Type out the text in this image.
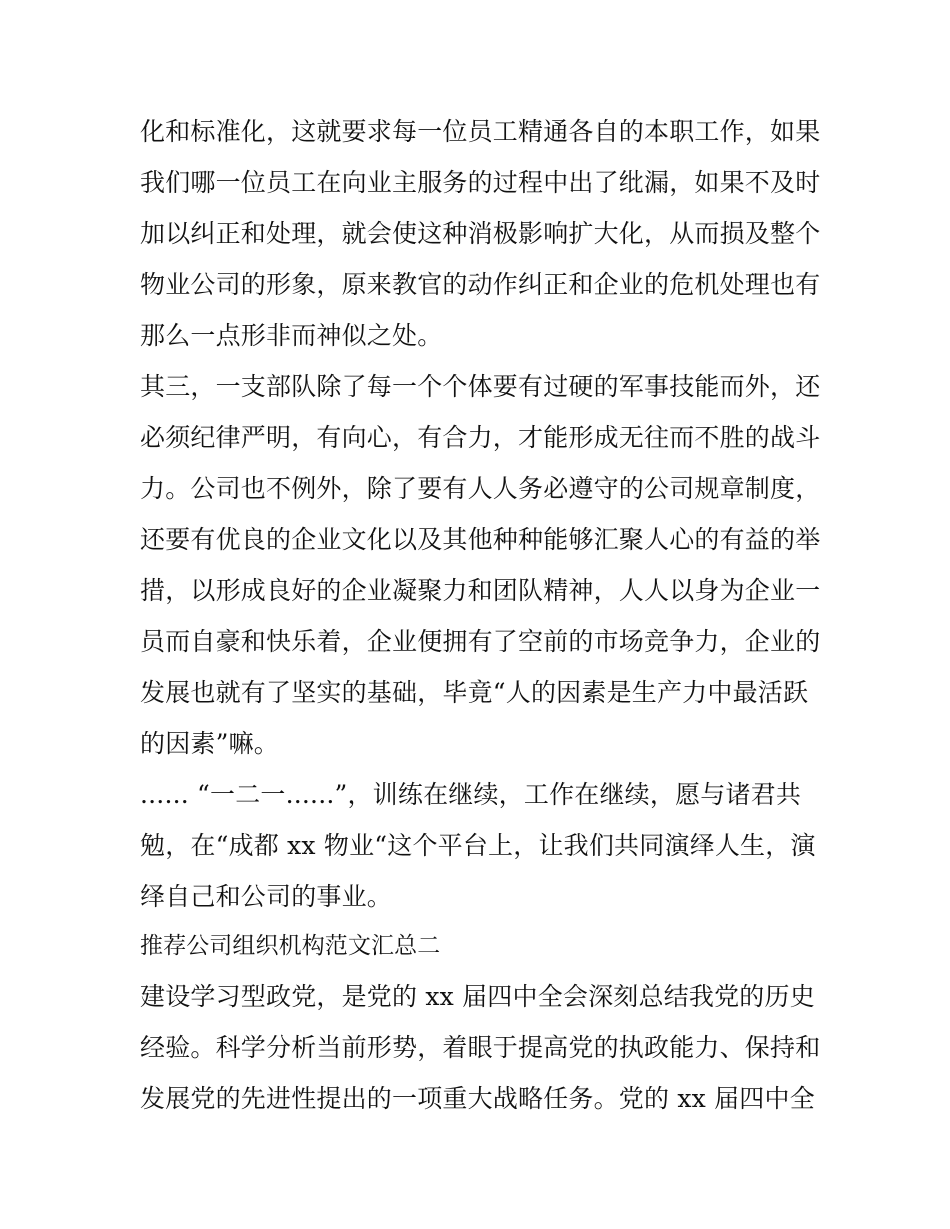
化和标准化，这就要求每一位员工精通各自的本职工作，如果
我们哪一位员工在向业主服务的过程中出了纰漏，如果不及时
加以纠正和处理，就会使这种消极影响扩大化，从而损及整个
物业公司的形象，原来教官的动作纠正和企业的危机处理也有
那么一点形非而神似之处。
其三，一支部队除了每一个个体要有过硬的军事技能而外，还
必须纪律严明，有向心，有合力，才能形成无往而不胜的战斗
力。公司也不例外，除了要有人人务必遵守的公司规章制度，
还要有优良的企业文化以及其他种种能够汇聚人心的有益的举
措，以形成良好的企业凝聚力和团队精神，人人以身为企业一
员而自豪和快乐着，企业便拥有了空前的市场竞争力，企业的
发展也就有了坚实的基础，毕竟“人的因素是生产力中最活跃
的因素”嘛。
...... “一二一......”，训练在继续，工作在继续，愿与诸君共
勉，在“成都 xx 物业“这个平台上，让我们共同演绎人生，演
绎自己和公司的事业。
推荐公司组织机构范文汇总二
建设学习型政党，是党的 xx 届四中全会深刻总结我党的历史
经验。科学分析当前形势，着眼于提高党的执政能力、保持和
发展党的先进性提出的一项重大战略任务。党的 xx 届四中全
